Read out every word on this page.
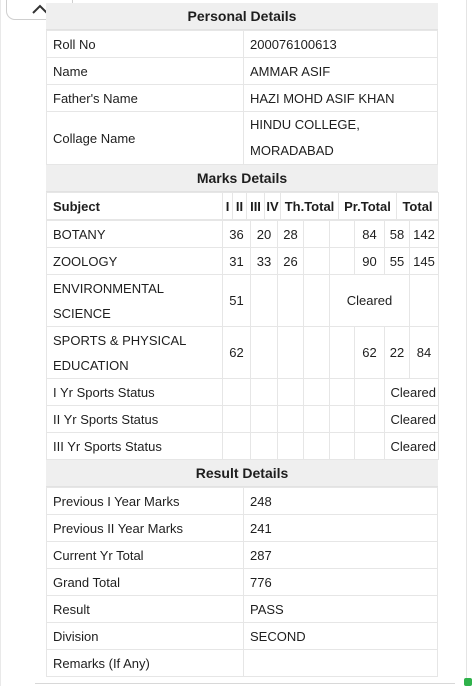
Personal Details
Roll No	200076100613
Name	AMMAR ASIF
Father's Name	HAZI MOHD ASIF KHAN
Collage Name	HINDU COLLEGE,
MORADABAD
Marks Details
Subject	I	II	III	IV	Th.Total	Pr.Total	Total
BOTANY	36	20	28			84	58	142
ZOOLOGY	31	33	26			90	55	145

ENVIRONMENTAL
SCIENCE	51				Cleared			

SPORTS & PHYSICAL
EDUCATION	62					62	22	84
I Yr Sports Status							Cleared	
II Yr Sports Status							Cleared	
III Yr Sports Status							Cleared	
Result Details
Previous I Year Marks	248
Previous II Year Marks	241
Current Yr Total	287
Grand Total	776
Result	PASS
Division	SECOND
Remarks (If Any)	
